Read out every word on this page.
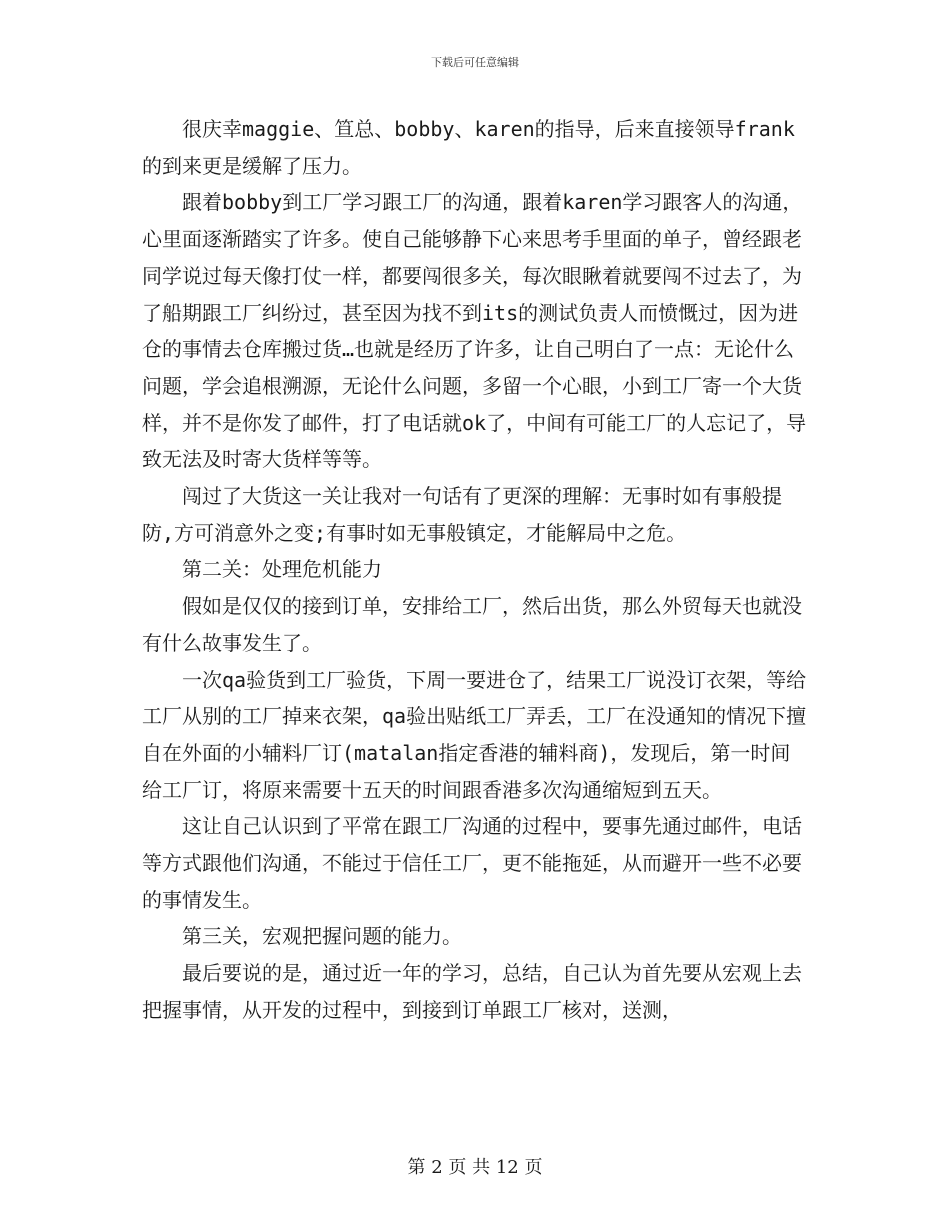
下载后可任意编辑

很庆幸maggie、笪总、bobby、karen的指导，后来直接领导frank的到来更是缓解了压力。

跟着bobby到工厂学习跟工厂的沟通，跟着karen学习跟客人的沟通，心里面逐渐踏实了许多。使自己能够静下心来思考手里面的单子，曾经跟老同学说过每天像打仗一样，都要闯很多关，每次眼瞅着就要闯不过去了，为了船期跟工厂纠纷过，甚至因为找不到its的测试负责人而愤慨过，因为进仓的事情去仓库搬过货…也就是经历了许多，让自己明白了一点：无论什么问题，学会追根溯源，无论什么问题，多留一个心眼，小到工厂寄一个大货样，并不是你发了邮件，打了电话就ok了，中间有可能工厂的人忘记了，导致无法及时寄大货样等等。

闯过了大货这一关让我对一句话有了更深的理解：无事时如有事般提防,方可消意外之变;有事时如无事般镇定，才能解局中之危。

第二关：处理危机能力

假如是仅仅的接到订单，安排给工厂，然后出货，那么外贸每天也就没有什么故事发生了。

一次qa验货到工厂验货，下周一要进仓了，结果工厂说没订衣架，等给工厂从别的工厂掉来衣架，qa验出贴纸工厂弄丢，工厂在没通知的情况下擅自在外面的小辅料厂订(matalan指定香港的辅料商)，发现后，第一时间给工厂订，将原来需要十五天的时间跟香港多次沟通缩短到五天。

这让自己认识到了平常在跟工厂沟通的过程中，要事先通过邮件，电话等方式跟他们沟通，不能过于信任工厂，更不能拖延，从而避开一些不必要的事情发生。

第三关，宏观把握问题的能力。

最后要说的是，通过近一年的学习，总结，自己认为首先要从宏观上去把握事情，从开发的过程中，到接到订单跟工厂核对，送测，

第 2 页 共 12 页
